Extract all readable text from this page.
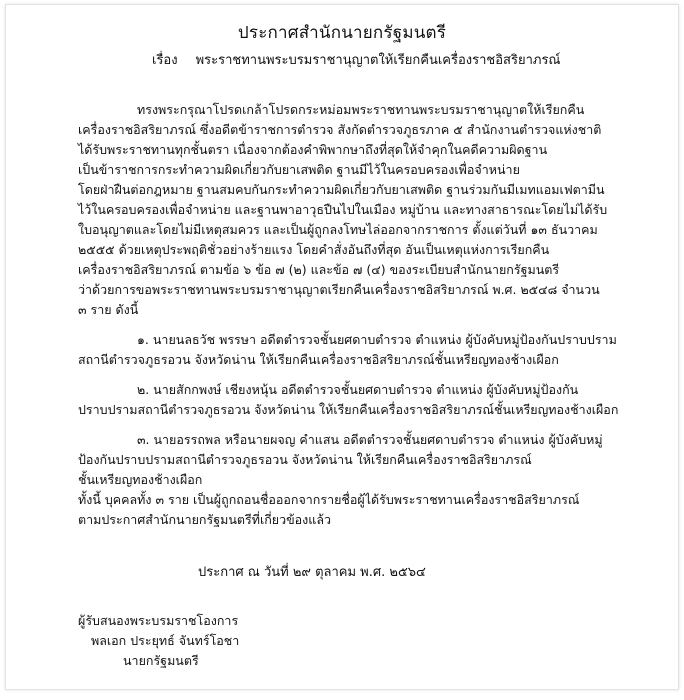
ประกาศสำนักนายกรัฐมนตรี
เรื่อง พระราชทานพระบรมราชานุญาตให้เรียกคืนเครื่องราชอิสริยาภรณ์
ทรงพระกรุณาโปรดเกล้าโปรดกระหม่อมพระราชทานพระบรมราชานุญาตให้เรียกคืน
เครื่องราชอิสริยาภรณ์ ซึ่งอดีตข้าราชการตำรวจ สังกัดตำรวจภูธรภาค ๕ สำนักงานตำรวจแห่งชาติ
ได้รับพระราชทานทุกชั้นตรา เนื่องจากต้องคำพิพากษาถึงที่สุดให้จำคุกในคดีความผิดฐาน
เป็นข้าราชการกระทำความผิดเกี่ยวกับยาเสพติด ฐานมีไว้ในครอบครองเพื่อจำหน่าย
โดยฝ่าฝืนต่อกฎหมาย ฐานสมคบกันกระทำความผิดเกี่ยวกับยาเสพติด ฐานร่วมกันมีเมทแอมเฟตามีน
ไว้ในครอบครองเพื่อจำหน่าย และฐานพาอาวุธปืนไปในเมือง หมู่บ้าน และทางสาธารณะโดยไม่ได้รับ
ใบอนุญาตและโดยไม่มีเหตุสมควร และเป็นผู้ถูกลงโทษไล่ออกจากราชการ ตั้งแต่วันที่ ๑๓ ธันวาคม
๒๕๕๕ ด้วยเหตุประพฤติชั่วอย่างร้ายแรง โดยคำสั่งอันถึงที่สุด อันเป็นเหตุแห่งการเรียกคืน
เครื่องราชอิสริยาภรณ์ ตามข้อ ๖ ข้อ ๗ (๒) และข้อ ๗ (๔) ของระเบียบสำนักนายกรัฐมนตรี
ว่าด้วยการขอพระราชทานพระบรมราชานุญาตเรียกคืนเครื่องราชอิสริยาภรณ์ พ.ศ. ๒๕๔๘ จำนวน
๓ ราย ดังนี้
๑. นายนลธวัช พรรษา อดีตตำรวจชั้นยศดาบตำรวจ ตำแหน่ง ผู้บังคับหมู่ป้องกันปราบปราม
สถานีตำรวจภูธรอวน จังหวัดน่าน ให้เรียกคืนเครื่องราชอิสริยาภรณ์ชั้นเหรียญทองช้างเผือก
๒. นายสักกพงษ์ เชียงหนุ้น อดีตตำรวจชั้นยศดาบตำรวจ ตำแหน่ง ผู้บังคับหมู่ป้องกัน
ปราบปรามสถานีตำรวจภูธรอวน จังหวัดน่าน ให้เรียกคืนเครื่องราชอิสริยาภรณ์ชั้นเหรียญทองช้างเผือก
๓. นายอรรถพล หรือนายผจญ คำแสน อดีตตำรวจชั้นยศดาบตำรวจ ตำแหน่ง ผู้บังคับหมู่
ป้องกันปราบปรามสถานีตำรวจภูธรอวน จังหวัดน่าน ให้เรียกคืนเครื่องราชอิสริยาภรณ์
ชั้นเหรียญทองช้างเผือก
ทั้งนี้ บุคคลทั้ง ๓ ราย เป็นผู้ถูกถอนชื่อออกจากรายชื่อผู้ได้รับพระราชทานเครื่องราชอิสริยาภรณ์
ตามประกาศสำนักนายกรัฐมนตรีที่เกี่ยวข้องแล้ว
ประกาศ ณ วันที่ ๒๙ ตุลาคม พ.ศ. ๒๕๖๔
ผู้รับสนองพระบรมราชโองการ
พลเอก ประยุทธ์ จันทร์โอชา
นายกรัฐมนตรี
